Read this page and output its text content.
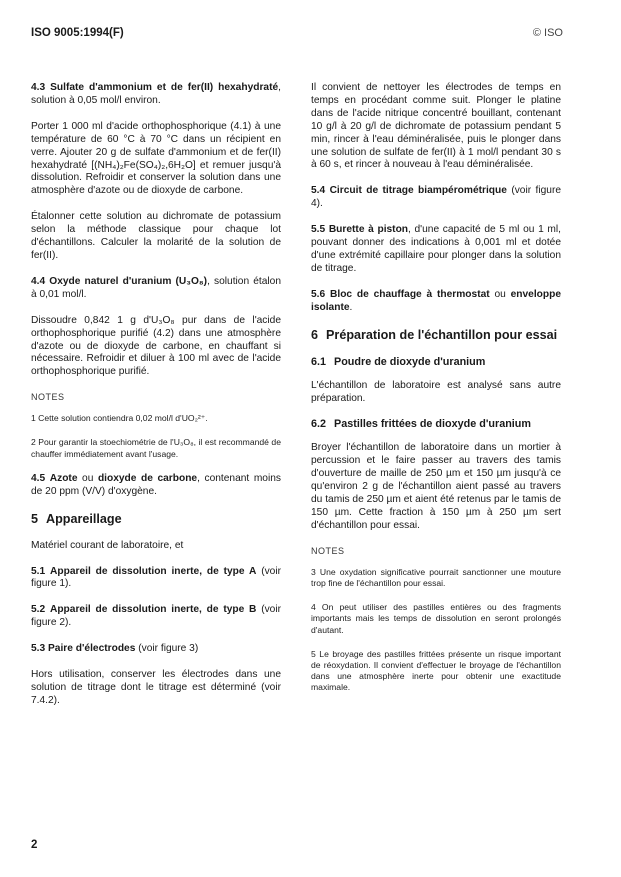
ISO 9005:1994(F)	© ISO

4.3 Sulfate d'ammonium et de fer(II) hexahydraté, solution à 0,05 mol/l environ.

Porter 1 000 ml d'acide orthophosphorique (4.1) à une température de 60 °C à 70 °C dans un récipient en verre. Ajouter 20 g de sulfate d'ammonium et de fer(II) hexahydraté [(NH₄)₂Fe(SO₄)₂,6H₂O] et remuer jusqu'à dissolution. Refroidir et conserver la solution dans une atmosphère d'azote ou de dioxyde de carbone.

Étalonner cette solution au dichromate de potassium selon la méthode classique pour chaque lot d'échantillons. Calculer la molarité de la solution de fer(II).

4.4 Oxyde naturel d'uranium (U₃O₈), solution étalon à 0,01 mol/l.

Dissoudre 0,842 1 g d'U₃O₈ pur dans de l'acide orthophosphorique purifié (4.2) dans une atmosphère d'azote ou de dioxyde de carbone, en chauffant si nécessaire. Refroidir et diluer à 100 ml avec de l'acide orthophosphorique purifié.

NOTES

1 Cette solution contiendra 0,02 mol/l d'UO₂²⁺.

2 Pour garantir la stoechiométrie de l'U₃O₈, il est recommandé de chauffer immédiatement avant l'usage.

4.5 Azote ou dioxyde de carbone, contenant moins de 20 ppm (V/V) d'oxygène.

5 Appareillage

Matériel courant de laboratoire, et

5.1 Appareil de dissolution inerte, de type A (voir figure 1).

5.2 Appareil de dissolution inerte, de type B (voir figure 2).

5.3 Paire d'électrodes (voir figure 3)

Hors utilisation, conserver les électrodes dans une solution de titrage dont le titrage est déterminé (voir 7.4.2).

Il convient de nettoyer les électrodes de temps en temps en procédant comme suit. Plonger le platine dans de l'acide nitrique concentré bouillant, contenant 10 g/l à 20 g/l de dichromate de potassium pendant 5 min, rincer à l'eau déminéralisée, puis le plonger dans une solution de sulfate de fer(II) à 1 mol/l pendant 30 s à 60 s, et rincer à nouveau à l'eau déminéralisée.

5.4 Circuit de titrage biampérométrique (voir figure 4).

5.5 Burette à piston, d'une capacité de 5 ml ou 1 ml, pouvant donner des indications à 0,001 ml et dotée d'une extrémité capillaire pour plonger dans la solution de titrage.

5.6 Bloc de chauffage à thermostat ou enveloppe isolante.

6 Préparation de l'échantillon pour essai
6.1 Poudre de dioxyde d'uranium

L'échantillon de laboratoire est analysé sans autre préparation.

6.2 Pastilles frittées de dioxyde d'uranium

Broyer l'échantillon de laboratoire dans un mortier à percussion et le faire passer au travers des tamis d'ouverture de maille de 250 µm et 150 µm jusqu'à ce qu'environ 2 g de l'échantillon aient passé au travers du tamis de 250 µm et aient été retenus par le tamis de 150 µm. Cette fraction à 150 µm à 250 µm sert d'échantillon pour essai.

NOTES

3 Une oxydation significative pourrait sanctionner une mouture trop fine de l'échantillon pour essai.

4 On peut utiliser des pastilles entières ou des fragments importants mais les temps de dissolution en seront prolongés d'autant.

5 Le broyage des pastilles frittées présente un risque important de réoxydation. Il convient d'effectuer le broyage de l'échantillon dans une atmosphère inerte pour obtenir une exactitude maximale.

2
